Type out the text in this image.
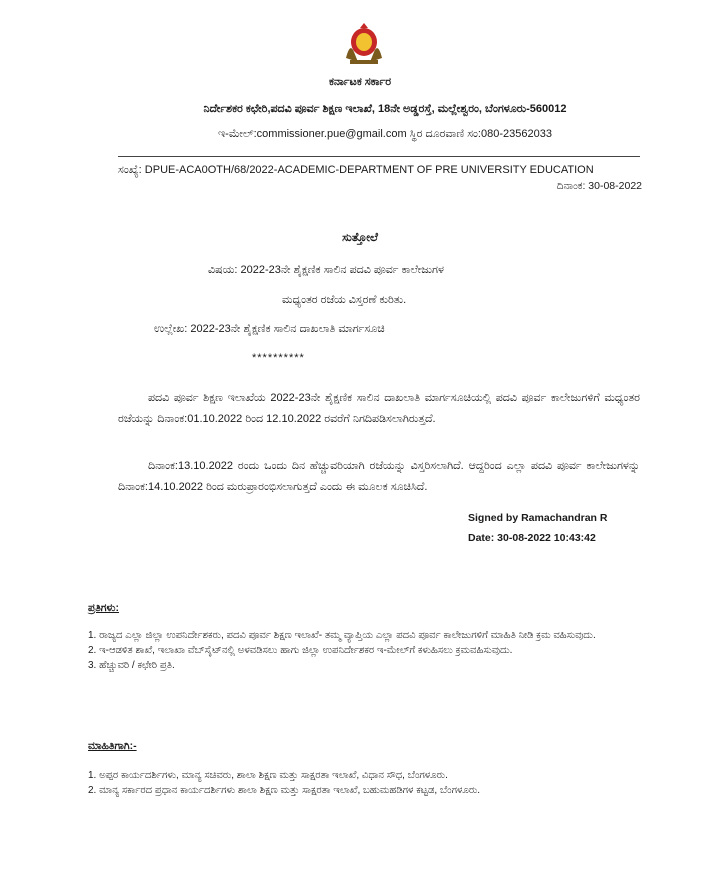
ಕರ್ನಾಟಕ ಸರ್ಕಾರ
ನಿರ್ದೇಶಕರ ಕಛೇರಿ,ಪದವಿ ಪೂರ್ವ ಶಿಕ್ಷಣ ಇಲಾಖೆ, 18ನೇ ಅಡ್ಡರಸ್ತೆ, ಮಲ್ಲೇಶ್ವರಂ, ಬೆಂಗಳೂರು-560012
ಇ-ಮೇಲ್:commissioner.pue@gmail.com ಸ್ಥಿರ ದೂರವಾಣಿ ಸಂ:080-23562033
ಸಂಖ್ಯೆ: DPUE-ACA0OTH/68/2022-ACADEMIC-DEPARTMENT OF PRE UNIVERSITY EDUCATION
ದಿನಾಂಕ: 30-08-2022
ಸುತ್ತೋಲೆ
ವಿಷಯ: 2022-23ನೇ ಶೈಕ್ಷಣಿಕ ಸಾಲಿನ ಪದವಿ ಪೂರ್ವ ಕಾಲೇಜುಗಳ
ಮಧ್ಯಂತರ ರಜೆಯ ವಿಸ್ತರಣೆ ಕುರಿತು.
ಉಲ್ಲೇಖ: 2022-23ನೇ ಶೈಕ್ಷಣಿಕ ಸಾಲಿನ ದಾಖಲಾತಿ ಮಾರ್ಗಸೂಚಿ
**********
ಪದವಿ ಪೂರ್ವ ಶಿಕ್ಷಣ ಇಲಾಖೆಯ 2022-23ನೇ ಶೈಕ್ಷಣಿಕ ಸಾಲಿನ ದಾಖಲಾತಿ ಮಾರ್ಗಸೂಚಿಯಲ್ಲಿ ಪದವಿ ಪೂರ್ವ ಕಾಲೇಜುಗಳಿಗೆ ಮಧ್ಯಂತರ ರಜೆಯನ್ನು ದಿನಾಂಕ:01.10.2022 ರಿಂದ 12.10.2022 ರವರೆಗೆ ನಿಗದಿಪಡಿಸಲಾಗಿರುತ್ತದೆ.
ದಿನಾಂಕ:13.10.2022 ರಂದು ಒಂದು ದಿನ ಹೆಚ್ಚುವರಿಯಾಗಿ ರಜೆಯನ್ನು ವಿಸ್ತರಿಸಲಾಗಿದೆ. ಆದ್ದರಿಂದ ಎಲ್ಲಾ ಪದವಿ ಪೂರ್ವ ಕಾಲೇಜುಗಳನ್ನು ದಿನಾಂಕ:14.10.2022 ರಿಂದ ಮರುಪ್ರಾರಂಭಿಸಲಾಗುತ್ತದೆ ಎಂದು ಈ ಮೂಲಕ ಸೂಚಿಸಿದೆ.
Signed by Ramachandran R
Date: 30-08-2022 10:43:42
ಪ್ರತಿಗಳು:
1. ರಾಜ್ಯದ ಎಲ್ಲಾ ಜಿಲ್ಲಾ ಉಪನಿರ್ದೇಶಕರು, ಪದವಿ ಪೂರ್ವ ಶಿಕ್ಷಣ ಇಲಾಖೆ- ತಮ್ಮ ವ್ಯಾಪ್ತಿಯ ಎಲ್ಲಾ ಪದವಿ ಪೂರ್ವ ಕಾಲೇಜುಗಳಿಗೆ ಮಾಹಿತಿ ನೀಡಿ ಕ್ರಮ ವಹಿಸುವುದು.
2. ಇ-ಆಡಳಿತ ಶಾಖೆ, ಇಲಾಖಾ ವೆಬ್‌ಸೈಟ್‌ನಲ್ಲಿ ಅಳವಡಿಸಲು ಹಾಗು ಜಿಲ್ಲಾ ಉಪನಿರ್ದೇಶಕರ ಇ-ಮೇಲ್‌ಗೆ ಕಳುಹಿಸಲು ಕ್ರಮವಹಿಸುವುದು.
3. ಹೆಚ್ಚುವರಿ / ಕಛೇರಿ ಪ್ರತಿ.
ಮಾಹಿತಿಗಾಗಿ:-
1. ಅಪ್ಪರ ಕಾರ್ಯದರ್ಶಿಗಳು, ಮಾನ್ಯ ಸಚಿವರು, ಶಾಲಾ ಶಿಕ್ಷಣ ಮತ್ತು ಸಾಕ್ಷರತಾ ಇಲಾಖೆ, ವಿಧಾನ ಸೌಧ, ಬೆಂಗಳೂರು.
2. ಮಾನ್ಯ ಸರ್ಕಾರದ ಪ್ರಧಾನ ಕಾರ್ಯದರ್ಶಿಗಳು ಶಾಲಾ ಶಿಕ್ಷಣ ಮತ್ತು ಸಾಕ್ಷರತಾ ಇಲಾಖೆ, ಬಹುಮಹಡಿಗಳ ಕಟ್ಟಡ, ಬೆಂಗಳೂರು.
